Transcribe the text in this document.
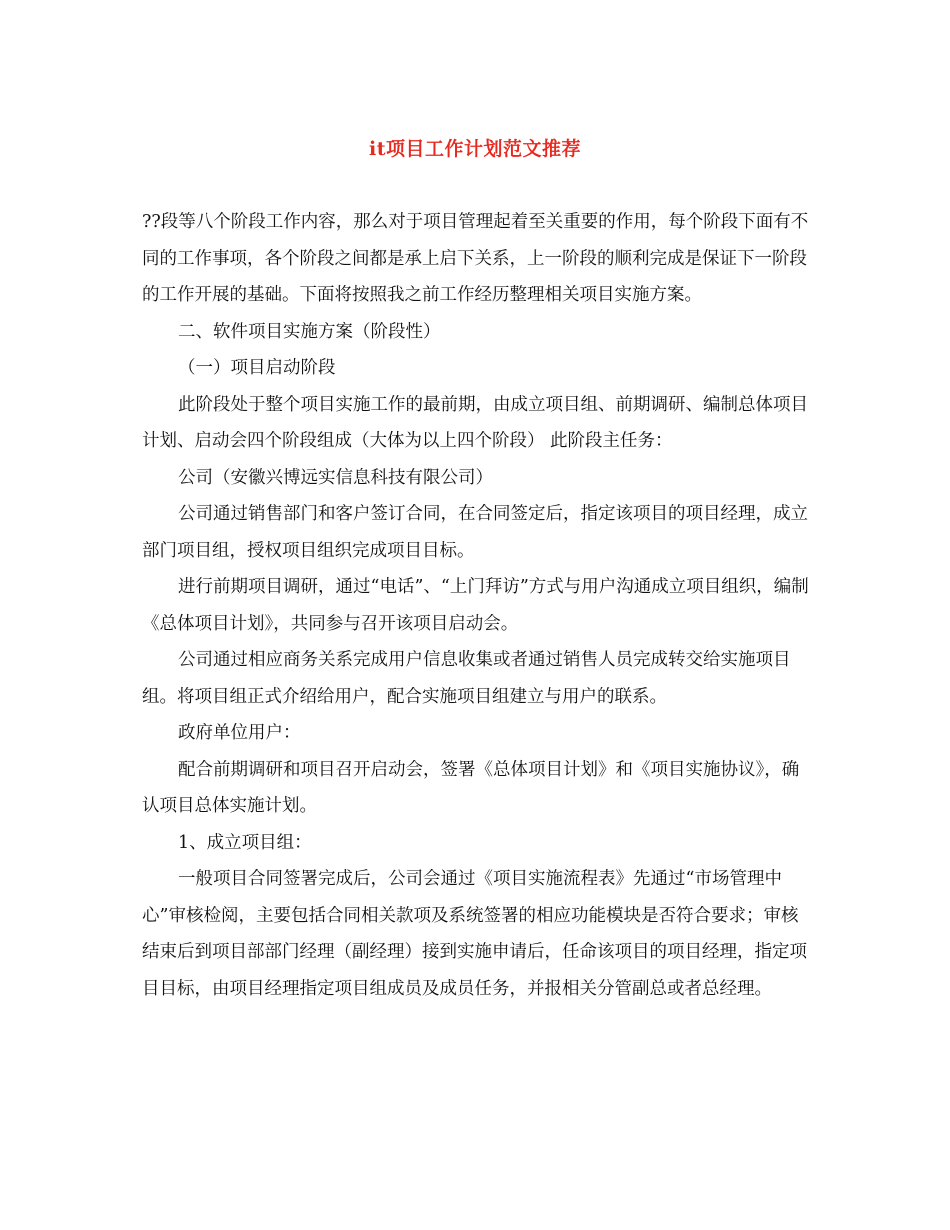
it项目工作计划范文推荐

??段等八个阶段工作内容，那么对于项目管理起着至关重要的作用，每个阶段下面有不同的工作事项，各个阶段之间都是承上启下关系，上一阶段的顺利完成是保证下一阶段的工作开展的基础。下面将按照我之前工作经历整理相关项目实施方案。

二、软件项目实施方案（阶段性）

（一）项目启动阶段

此阶段处于整个项目实施工作的最前期，由成立项目组、前期调研、编制总体项目计划、启动会四个阶段组成（大体为以上四个阶段） 此阶段主任务：

公司（安徽兴博远实信息科技有限公司）

公司通过销售部门和客户签订合同，在合同签定后，指定该项目的项目经理，成立部门项目组，授权项目组织完成项目目标。

进行前期项目调研，通过“电话”、“上门拜访”方式与用户沟通成立项目组织，编制《总体项目计划》，共同参与召开该项目启动会。

公司通过相应商务关系完成用户信息收集或者通过销售人员完成转交给实施项目组。将项目组正式介绍给用户，配合实施项目组建立与用户的联系。

政府单位用户：

配合前期调研和项目召开启动会，签署《总体项目计划》和《项目实施协议》，确认项目总体实施计划。

1、成立项目组：

一般项目合同签署完成后，公司会通过《项目实施流程表》先通过“市场管理中心”审核检阅，主要包括合同相关款项及系统签署的相应功能模块是否符合要求；审核结束后到项目部部门经理（副经理）接到实施申请后，任命该项目的项目经理，指定项目目标，由项目经理指定项目组成员及成员任务，并报相关分管副总或者总经理。
